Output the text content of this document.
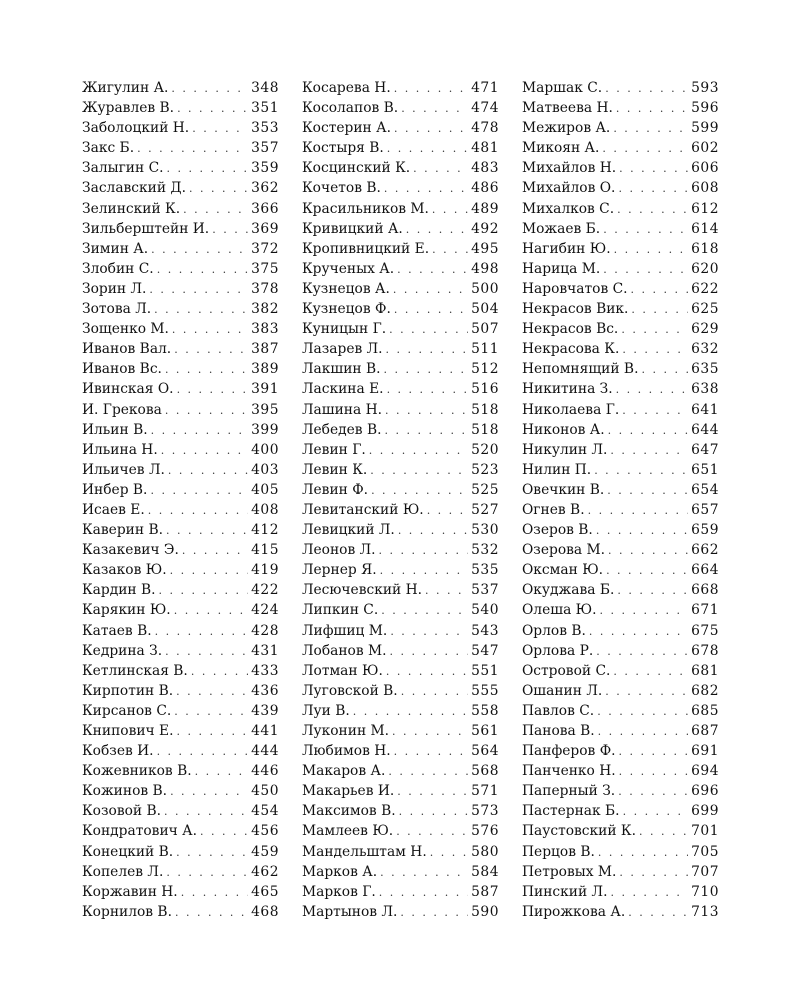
Жигулин А. . . .	348
Журавлев В. . . .	351
Заболоцкий Н. . . .	353
Закс Б. . . .	357
Залыгин С. . . .	359
Заславский Д. . . .	362
Зелинский К. . . .	366
Зильберштейн И. . . .	369
Зимин А. . . .	372
Злобин С. . . .	375
Зорин Л. . . .	378
Зотова Л. . . .	382
Зощенко М. . . .	383
Иванов Вал. . . .	387
Иванов Вс. . . .	389
Ивинская О. . . .	391
И. Грекова . . .	395
Ильин В. . . .	399
Ильина Н. . . .	400
Ильичев Л. . . .	403
Инбер В. . . .	405
Исаев Е. . . .	408
Каверин В. . . .	412
Казакевич Э. . . .	415
Казаков Ю. . . .	419
Кардин В. . . .	422
Карякин Ю. . . .	424
Катаев В. . . .	428
Кедрина З. . . .	431
Кетлинская В. . . .	433
Кирпотин В. . . .	436
Кирсанов С. . . .	439
Книпович Е. . . .	441
Кобзев И. . . .	444
Кожевников В. . . .	446
Кожинов В. . . .	450
Козовой В. . . .	454
Кондратович А. . . .	456
Конецкий В. . . .	459
Копелев Л. . . .	462
Коржавин Н. . . .	465
Корнилов В. . . .	468
Косарева Н. . . .	471
Косолапов В. . . .	474
Костерин А. . . .	478
Костыря В. . . .	481
Косцинский К. . . .	483
Кочетов В. . . .	486
Красильников М. . . .	489
Кривицкий А. . . .	492
Кропивницкий Е. . . .	495
Крученых А. . . .	498
Кузнецов А. . . .	500
Кузнецов Ф. . . .	504
Куницын Г. . . .	507
Лазарев Л. . . .	511
Лакшин В. . . .	512
Ласкина Е. . . .	516
Лашина Н. . . .	518
Лебедев В. . . .	518
Левин Г. . . .	520
Левин К. . . .	523
Левин Ф. . . .	525
Левитанский Ю. . . .	527
Левицкий Л. . . .	530
Леонов Л. . . .	532
Лернер Я. . . .	535
Лесючевский Н. . . .	537
Липкин С. . . .	540
Лифшиц М. . . .	543
Лобанов М. . . .	547
Лотман Ю. . . .	551
Луговской В. . . .	555
Луи В. . . .	558
Луконин М. . . .	561
Любимов Н. . . .	564
Макаров А. . . .	568
Макарьев И. . . .	571
Максимов В. . . .	573
Мамлеев Ю. . . .	576
Мандельштам Н. . . .	580
Марков А. . . .	584
Марков Г. . . .	587
Мартынов Л. . . .	590
Маршак С. . . .	593
Матвеева Н. . . .	596
Межиров А. . . .	599
Микоян А. . . .	602
Михайлов Н. . . .	606
Михайлов О. . . .	608
Михалков С. . . .	612
Можаев Б. . . .	614
Нагибин Ю. . . .	618
Нарица М. . . .	620
Наровчатов С. . . .	622
Некрасов Вик. . . .	625
Некрасов Вс. . . .	629
Некрасова К. . . .	632
Непомнящий В. . . .	635
Никитина З. . . .	638
Николаева Г. . . .	641
Никонов А. . . .	644
Никулин Л. . . .	647
Нилин П. . . .	651
Овечкин В. . . .	654
Огнев В. . . .	657
Озеров В. . . .	659
Озерова М. . . .	662
Оксман Ю. . . .	664
Окуджава Б. . . .	668
Олеша Ю. . . .	671
Орлов В. . . .	675
Орлова Р. . . .	678
Островой С. . . .	681
Ошанин Л. . . .	682
Павлов С. . . .	685
Панова В. . . .	687
Панферов Ф. . . .	691
Панченко Н. . . .	694
Паперный З. . . .	696
Пастернак Б. . . .	699
Паустовский К. . . .	701
Перцов В. . . .	705
Петровых М. . . .	707
Пинский Л. . . .	710
Пирожкова А. . . .	713
